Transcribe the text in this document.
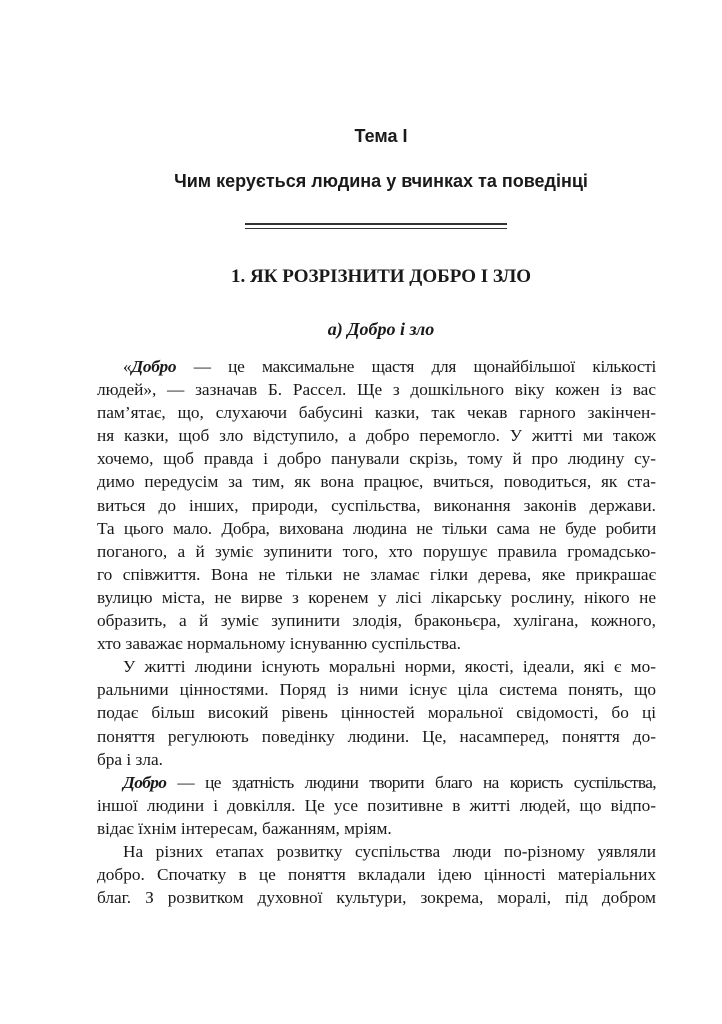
Тема І
Чим керується людина у вчинках та поведінці
1. ЯК РОЗРІЗНИТИ ДОБРО І ЗЛО
а) Добро і зло
«Добро — це максимальне щастя для щонайбільшої кількості
людей», — зазначав Б. Рассел. Ще з дошкільного віку кожен із вас
пам’ятає, що, слухаючи бабусині казки, так чекав гарного закінчен-
ня казки, щоб зло відступило, а добро перемогло. У житті ми також
хочемо, щоб правда і добро панували скрізь, тому й про людину су-
димо передусім за тим, як вона працює, вчиться, поводиться, як ста-
виться до інших, природи, суспільства, виконання законів держави.
Та цього мало. Добра, вихована людина не тільки сама не буде робити
поганого, а й зуміє зупинити того, хто порушує правила громадсько-
го співжиття. Вона не тільки не зламає гілки дерева, яке прикрашає
вулицю міста, не вирве з коренем у лісі лікарську рослину, нікого не
образить, а й зуміє зупинити злодія, браконьєра, хулігана, кожного,
хто заважає нормальному існуванню суспільства.
У житті людини існують моральні норми, якості, ідеали, які є мо-
ральними цінностями. Поряд із ними існує ціла система понять, що
подає більш високий рівень цінностей моральної свідомості, бо ці
поняття регулюють поведінку людини. Це, насамперед, поняття до-
бра і зла.
Добро — це здатність людини творити благо на користь суспільства,
іншої людини і довкілля. Це усе позитивне в житті людей, що відпо-
відає їхнім інтересам, бажанням, мріям.
На різних етапах розвитку суспільства люди по-різному уявляли
добро. Спочатку в це поняття вкладали ідею цінності матеріальних
благ. З розвитком духовної культури, зокрема, моралі, під добром
